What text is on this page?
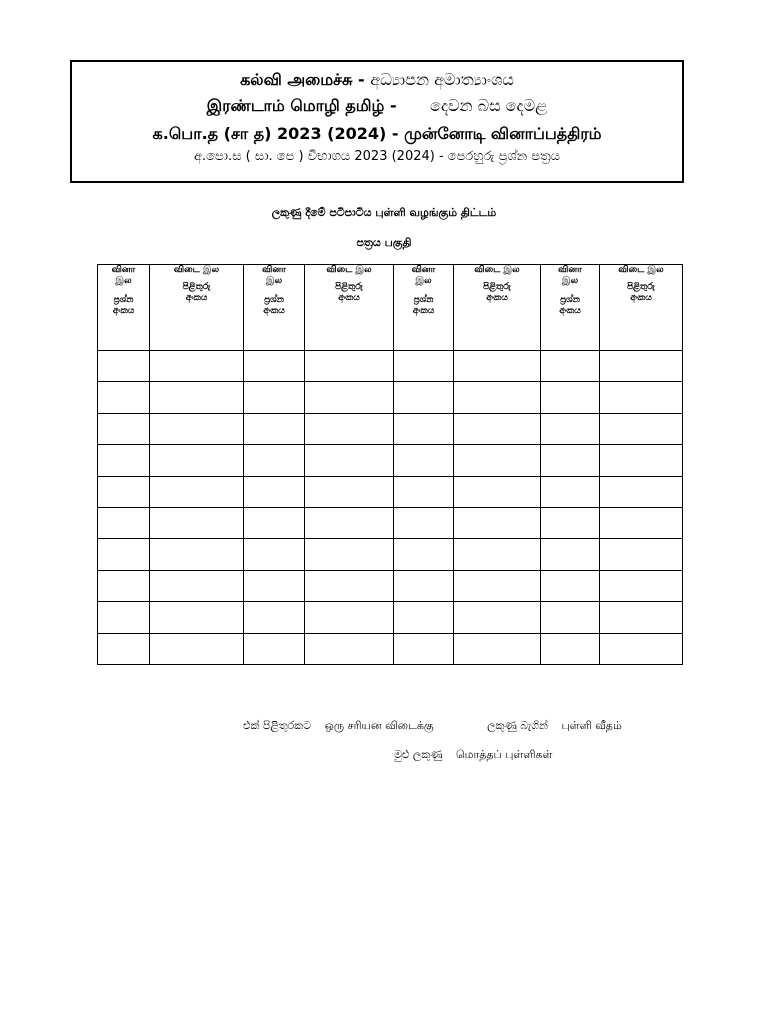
கல்வி அமைச்சு - අධ්‍යාපන අමාත්‍යාංශය
இரண்டாம் மொழி தமிழ் - දෙවන බස දෙමළ
க.பொ.த (சா த) 2023 (2024) - முன்னோடி வினாப்பத்திரம்
අ.පො.ස ( සා. පෙ ) විභාගය 2023 (2024) - පෙරහුරු ප්‍රශ්න පත්‍රය
ලකුණු දීමේ පටිපාටිය புள்ளி வழங்கும் திட்டம்
පත්‍රය பகுதி
வினா
இல
ප්‍රශ්න
අංකය	விடை இல
පිළිතුරු
අංකය	வினா
இல
ප්‍රශ්න
අංකය	விடை இல
පිළිතුරු
අංකය	வினா
இல
ප්‍රශ්න
අංකය	விடை இல
පිළිතුරු
අංකය	வினா
இல
ප්‍රශ්න
අංකය	விடை இல
පිළිතුරු
අංකය

එක් පිළිතුරකට ஒரு சரியன விடைக்கு	ලකුණු බැගින් புள்ளி வீதம்
මුළු ලකුණු மொத்தப் புள்ளிகள்
